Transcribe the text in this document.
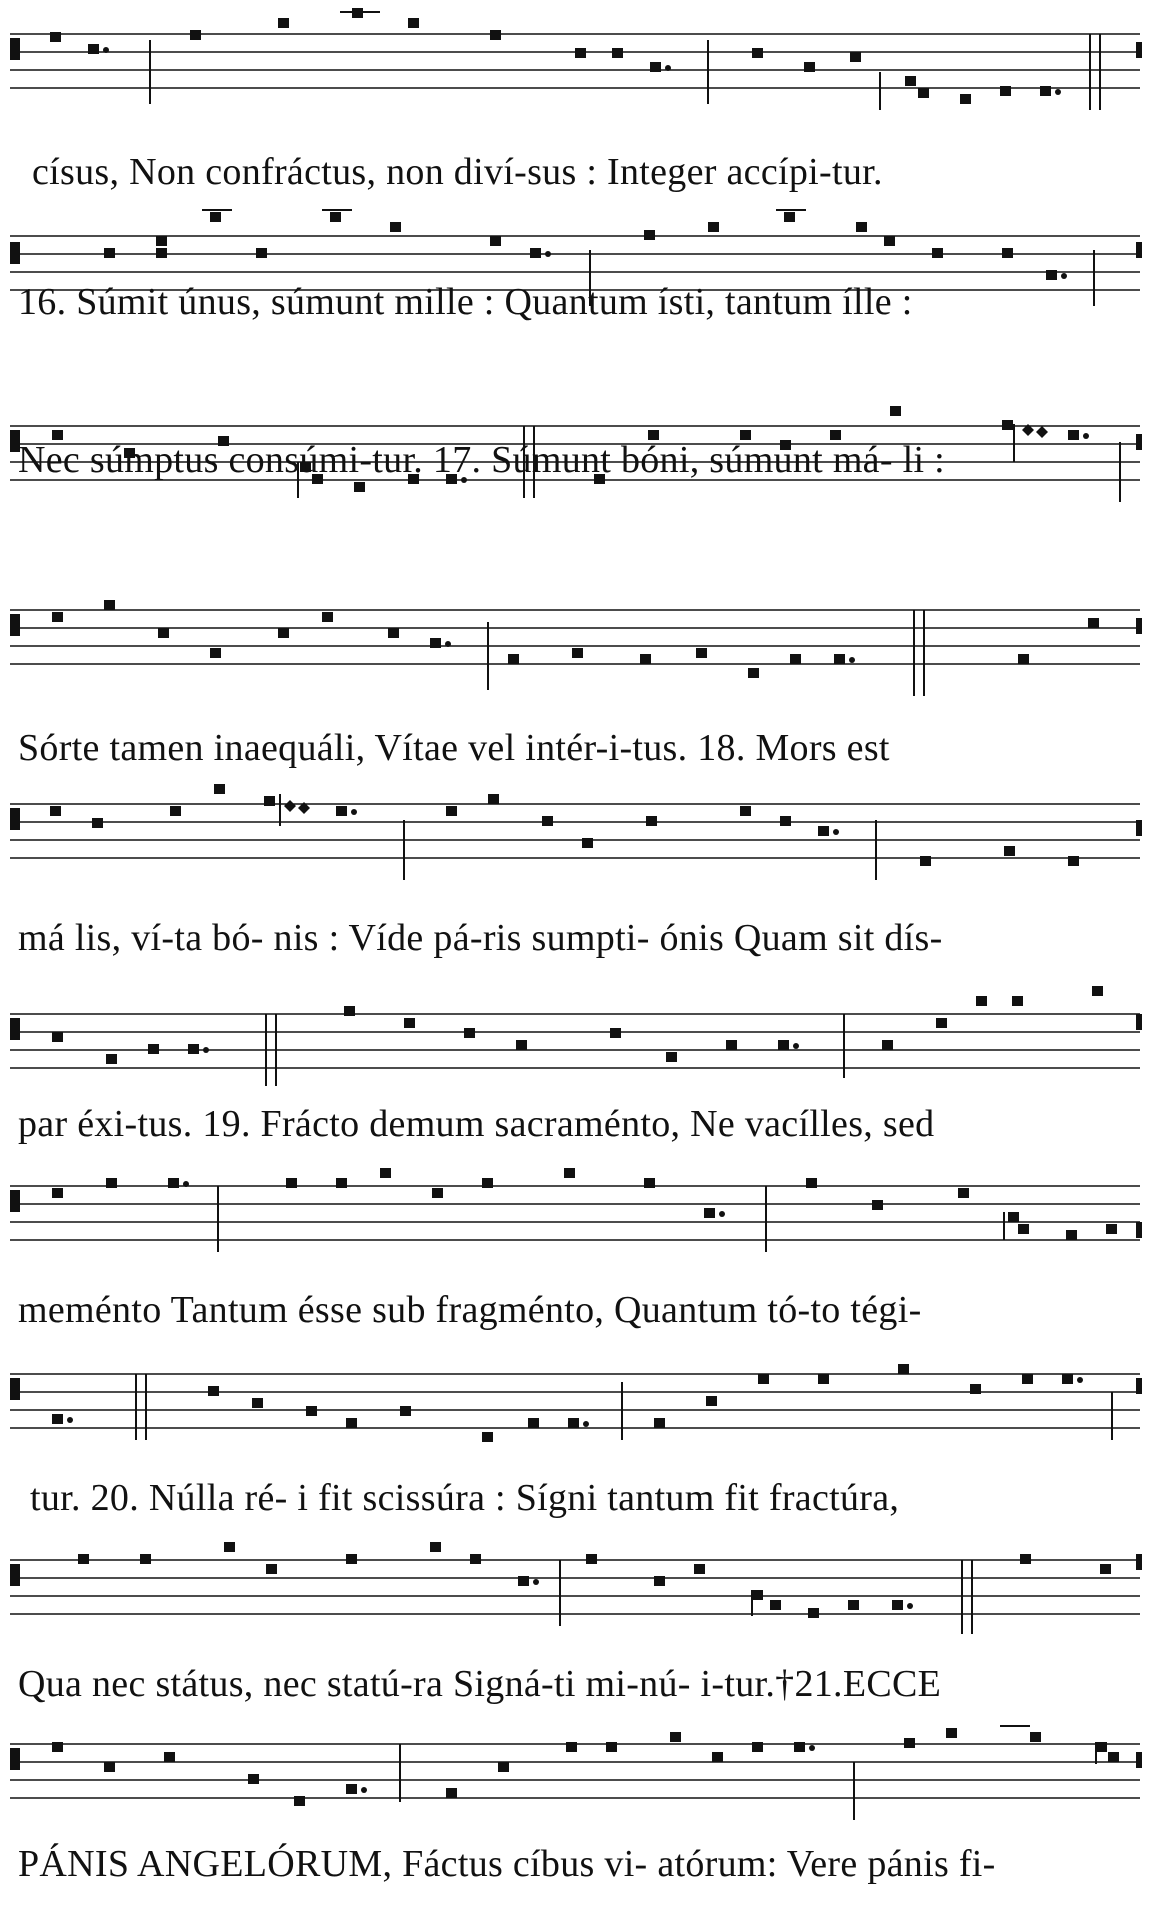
císus, Non confráctus, non diví-sus : Integer accípi-tur.
16. Súmit únus, súmunt mille : Quantum ísti, tantum ílle :
Nec súmptus consúmi-tur. 17. Súmunt bóni, súmunt má- li :
Sórte tamen inaequáli, Vítae vel intér-i-tus. 18. Mors est
má lis, ví-ta bó- nis : Víde pá-ris sumpti- ónis Quam sit dís-
par éxi-tus. 19. Frácto demum sacraménto, Ne vacílles, sed
meménto Tantum ésse sub fragménto, Quantum tó-to tégi-
tur. 20. Núlla ré- i fit scissúra : Sígni tantum fit fractúra,
Qua nec státus, nec statú-ra Signá-ti mi-nú- i-tur.†21.ECCE
PÁNIS ANGELÓRUM, Fáctus cíbus vi- atórum: Vere pánis fi-
